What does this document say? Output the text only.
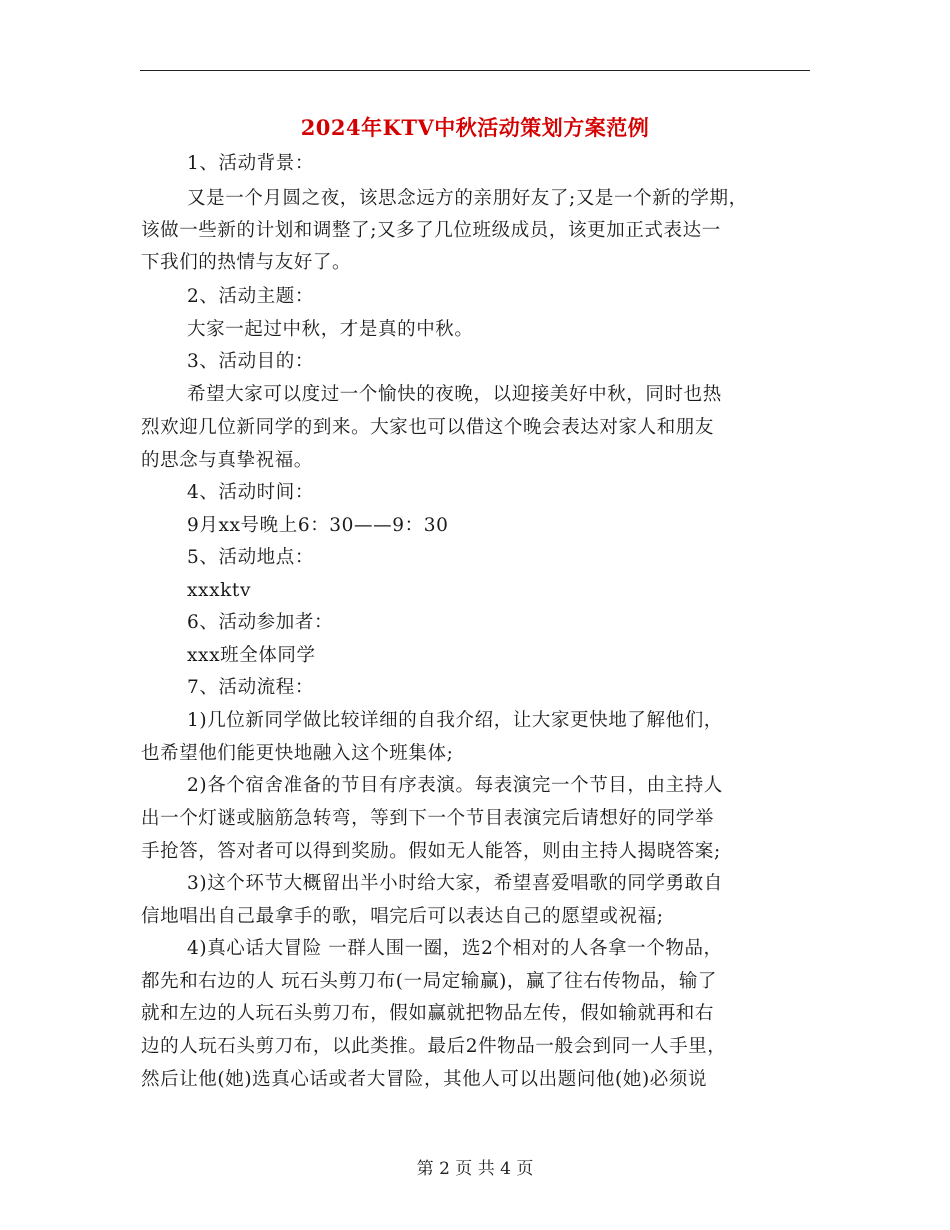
2024年KTV中秋活动策划方案范例
1、活动背景：
又是一个月圆之夜，该思念远方的亲朋好友了;又是一个新的学期，
该做一些新的计划和调整了;又多了几位班级成员，该更加正式表达一
下我们的热情与友好了。
2、活动主题：
大家一起过中秋，才是真的中秋。
3、活动目的：
希望大家可以度过一个愉快的夜晚，以迎接美好中秋，同时也热
烈欢迎几位新同学的到来。大家也可以借这个晚会表达对家人和朋友
的思念与真挚祝福。
4、活动时间：
9月xx号晚上6：30——9：30
5、活动地点：
xxxktv
6、活动参加者：
xxx班全体同学
7、活动流程：
1)几位新同学做比较详细的自我介绍，让大家更快地了解他们，
也希望他们能更快地融入这个班集体;
2)各个宿舍准备的节目有序表演。每表演完一个节目，由主持人
出一个灯谜或脑筋急转弯，等到下一个节目表演完后请想好的同学举
手抢答，答对者可以得到奖励。假如无人能答，则由主持人揭晓答案;
3)这个环节大概留出半小时给大家，希望喜爱唱歌的同学勇敢自
信地唱出自己最拿手的歌，唱完后可以表达自己的愿望或祝福;
4)真心话大冒险 一群人围一圈，选2个相对的人各拿一个物品，
都先和右边的人 玩石头剪刀布(一局定输赢)，赢了往右传物品，输了
就和左边的人玩石头剪刀布，假如赢就把物品左传，假如输就再和右
边的人玩石头剪刀布，以此类推。最后2件物品一般会到同一人手里，
然后让他(她)选真心话或者大冒险，其他人可以出题问他(她)必须说
第 2 页 共 4 页
